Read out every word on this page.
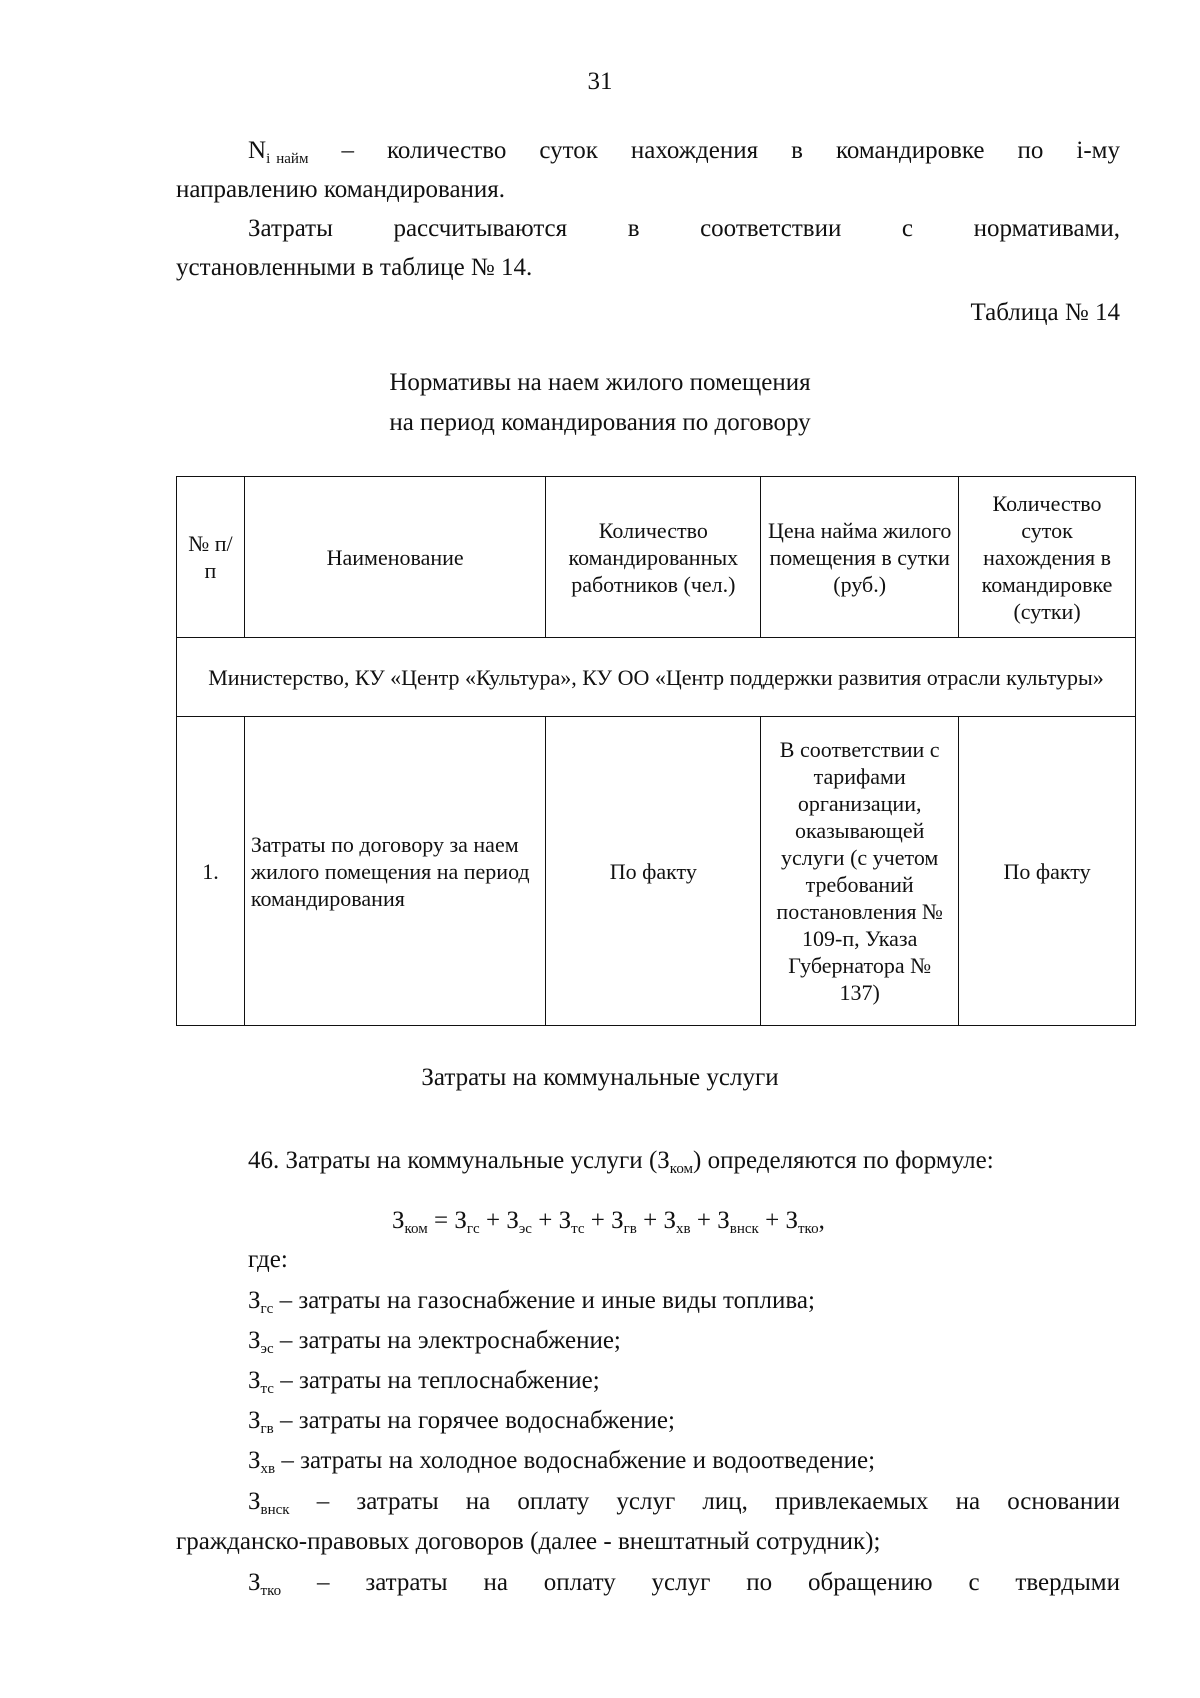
31
$N_i$ $_{найм}$ – количество суток нахождения в командировке по i-му
направлению командирования.
Затраты рассчитываются в соответствии с нормативами,
установленными в таблице № 14.
Таблица № 14
Нормативы на наем жилого помещения
на период командирования по договору
№ п/п	Наименование	Количество командированных работников (чел.)	Цена найма жилого помещения в сутки (руб.)	Количество суток нахождения в командировке (сутки)
Министерство, КУ «Центр «Культура», КУ ОО «Центр поддержки развития отрасли культуры»				
1.	Затраты по договору за наем жилого помещения на период командирования	По факту	В соответствии с тарифами организации, оказывающей услуги (с учетом требований постановления № 109-п, Указа Губернатора № 137)	По факту
Затраты на коммунальные услуги
46. Затраты на коммунальные услуги $(З_{ком})$ определяются по формуле:
$З_{ком} = З_{гс} + З_{эс} + З_{тс} + З_{гв} + З_{хв} + З_{внск} + З_{тко}$,
где:
$З_{гс}$ – затраты на газоснабжение и иные виды топлива;
$З_{эс}$ – затраты на электроснабжение;
$З_{тс}$ – затраты на теплоснабжение;
$З_{гв}$ – затраты на горячее водоснабжение;
$З_{хв}$ – затраты на холодное водоснабжение и водоотведение;
$З_{внск}$ – затраты на оплату услуг лиц, привлекаемых на основании
гражданско-правовых договоров (далее - внештатный сотрудник);
$З_{тко}$ – затраты на оплату услуг по обращению с твердыми
